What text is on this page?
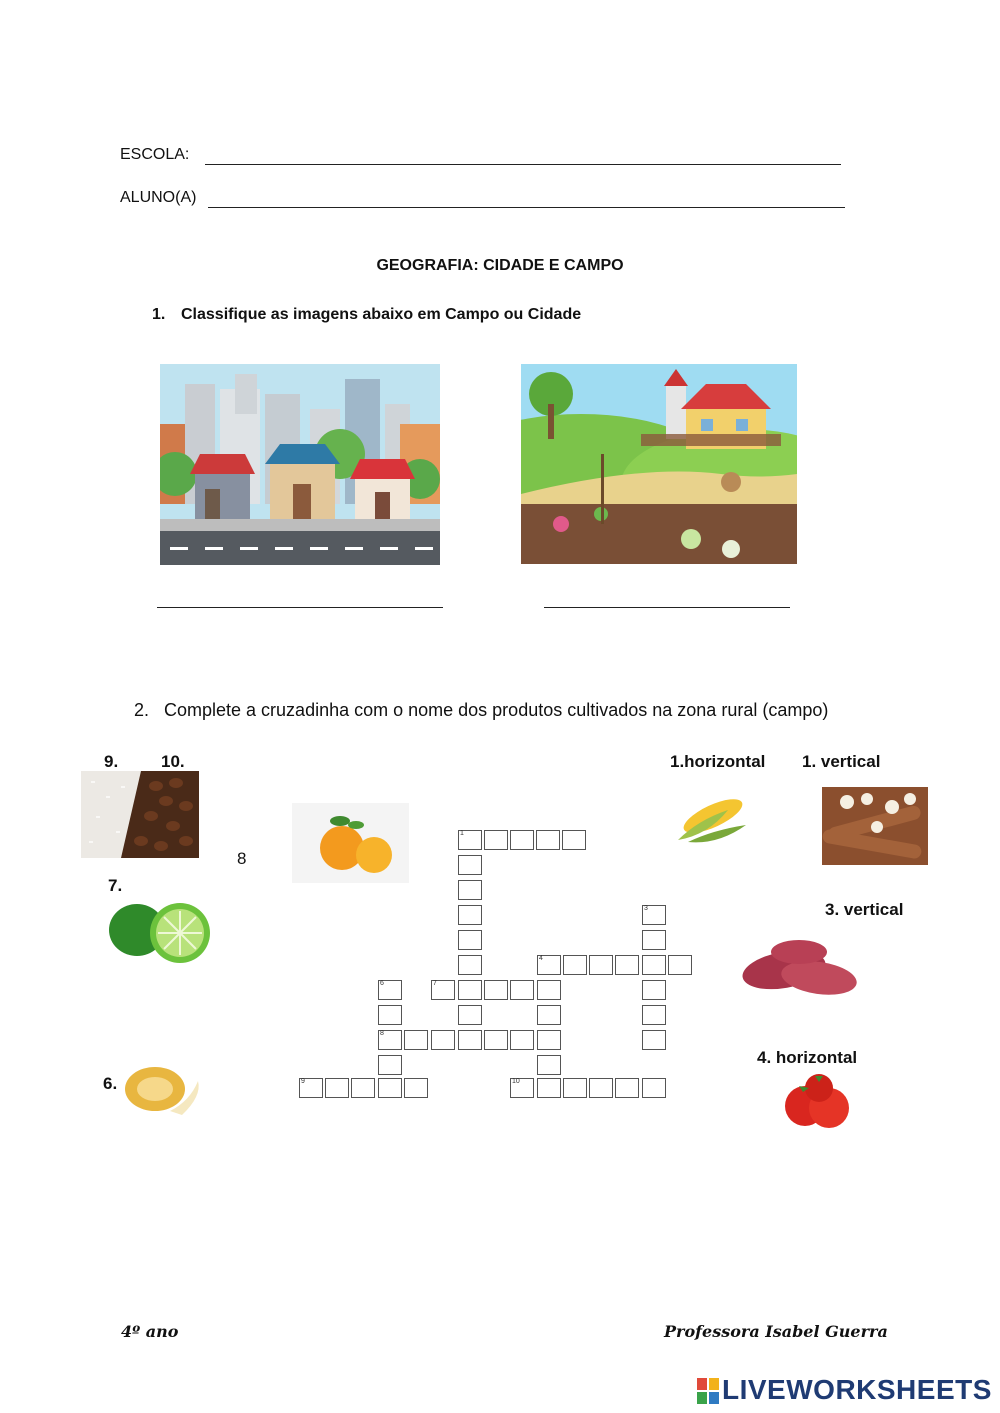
ESCOLA:
ALUNO(A)
GEOGRAFIA: CIDADE E CAMPO
1. Classifique as imagens abaixo em Campo ou Cidade
2. Complete a cruzadinha com o nome dos produtos cultivados na zona rural (campo)
9.	10.
8
7.
6.
1.horizontal 1. vertical
3. vertical
4. horizontal
1
3
4
7
6
8
9	10
4º ano	Professora Isabel Guerra
LIVEWORKSHEETS
